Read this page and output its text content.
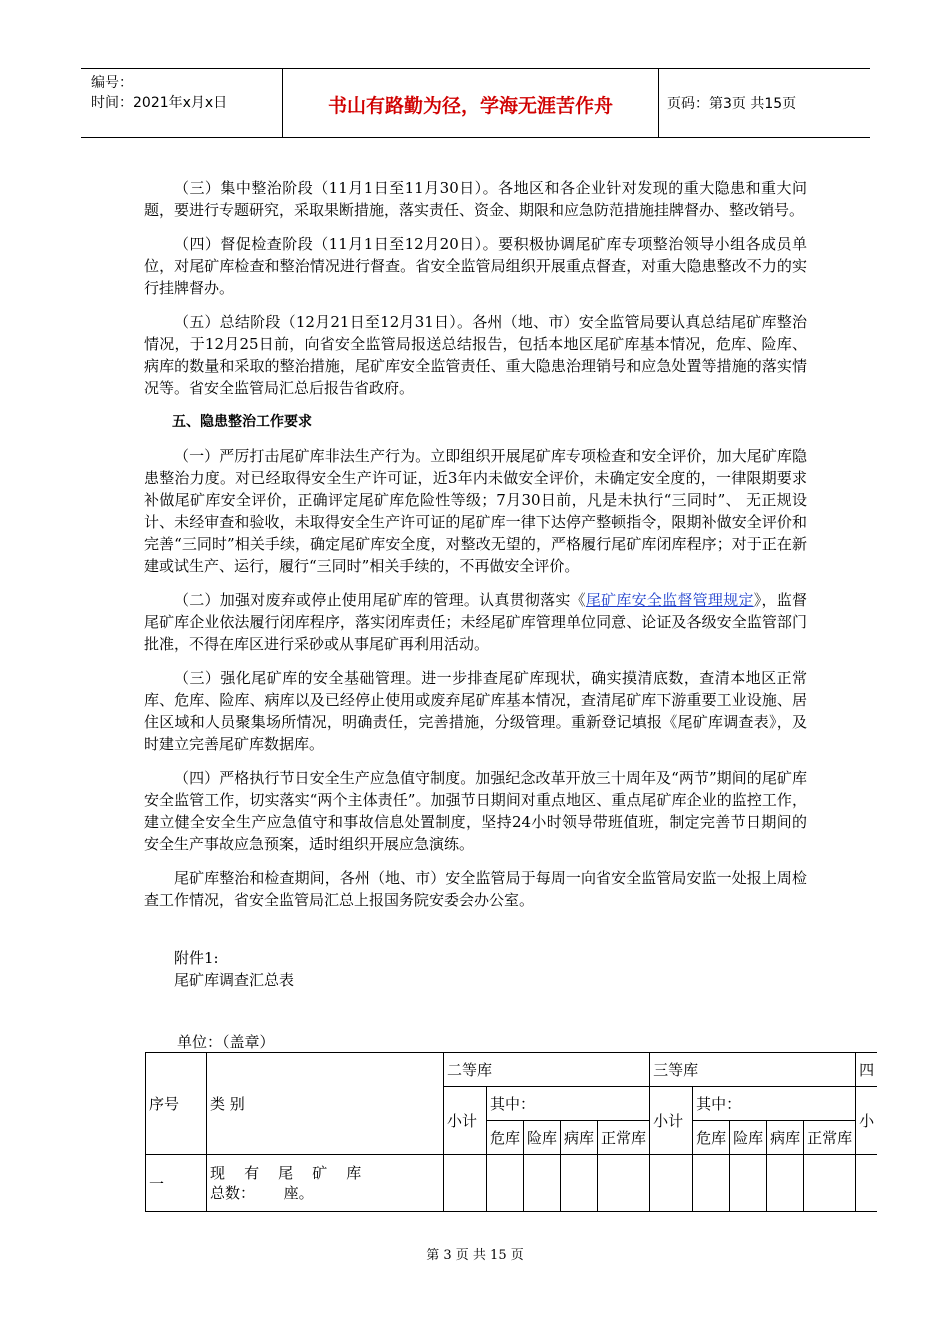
编号：
时间：2021年x月x日	书山有路勤为径，学海无涯苦作舟	页码：第3页 共15页

（三）集中整治阶段（11月1日至11月30日）。各地区和各企业针对发现的重大隐患和重大问题，要进行专题研究，采取果断措施，落实责任、资金、期限和应急防范措施挂牌督办、整改销号。

（四）督促检查阶段（11月1日至12月20日）。要积极协调尾矿库专项整治领导小组各成员单位，对尾矿库检查和整治情况进行督查。省安全监管局组织开展重点督查，对重大隐患整改不力的实行挂牌督办。

（五）总结阶段（12月21日至12月31日）。各州（地、市）安全监管局要认真总结尾矿库整治情况，于12月25日前，向省安全监管局报送总结报告，包括本地区尾矿库基本情况，危库、险库、病库的数量和采取的整治措施，尾矿库安全监管责任、重大隐患治理销号和应急处置等措施的落实情况等。省安全监管局汇总后报告省政府。

五、隐患整治工作要求

（一）严厉打击尾矿库非法生产行为。立即组织开展尾矿库专项检查和安全评价，加大尾矿库隐患整治力度。对已经取得安全生产许可证，近3年内未做安全评价，未确定安全度的，一律限期要求补做尾矿库安全评价，正确评定尾矿库危险性等级；7月30日前，凡是未执行“三同时”、 无正规设计、未经审查和验收，未取得安全生产许可证的尾矿库一律下达停产整顿指令，限期补做安全评价和完善“三同时”相关手续，确定尾矿库安全度，对整改无望的，严格履行尾矿库闭库程序；对于正在新建或试生产、运行，履行“三同时”相关手续的，不再做安全评价。

（二）加强对废弃或停止使用尾矿库的管理。认真贯彻落实《尾矿库安全监督管理规定》，监督尾矿库企业依法履行闭库程序，落实闭库责任；未经尾矿库管理单位同意、论证及各级安全监管部门批准，不得在库区进行采砂或从事尾矿再利用活动。

（三）强化尾矿库的安全基础管理。进一步排查尾矿库现状，确实摸清底数，查清本地区正常库、危库、险库、病库以及已经停止使用或废弃尾矿库基本情况，查清尾矿库下游重要工业设施、居住区域和人员聚集场所情况，明确责任，完善措施，分级管理。重新登记填报《尾矿库调查表》，及时建立完善尾矿库数据库。

（四）严格执行节日安全生产应急值守制度。加强纪念改革开放三十周年及“两节”期间的尾矿库安全监管工作，切实落实“两个主体责任”。加强节日期间对重点地区、重点尾矿库企业的监控工作，建立健全安全生产应急值守和事故信息处置制度，坚持24小时领导带班值班，制定完善节日期间的安全生产事故应急预案，适时组织开展应急演练。

尾矿库整治和检查期间，各州（地、市）安全监管局于每周一向省安全监管局安监一处报上周检查工作情况，省安全监管局汇总上报国务院安委会办公室。

附件1:

尾矿库调查汇总表

单位：（盖章）
序号	类 别	二等库					三等库					四
		小计	其中：				小计	其中：				小
			危库	险库	病库	正常库		危库	险库	病库	正常库	
一	现    有    尾    矿    库
总数：      座。											

第 3 页 共 15 页
